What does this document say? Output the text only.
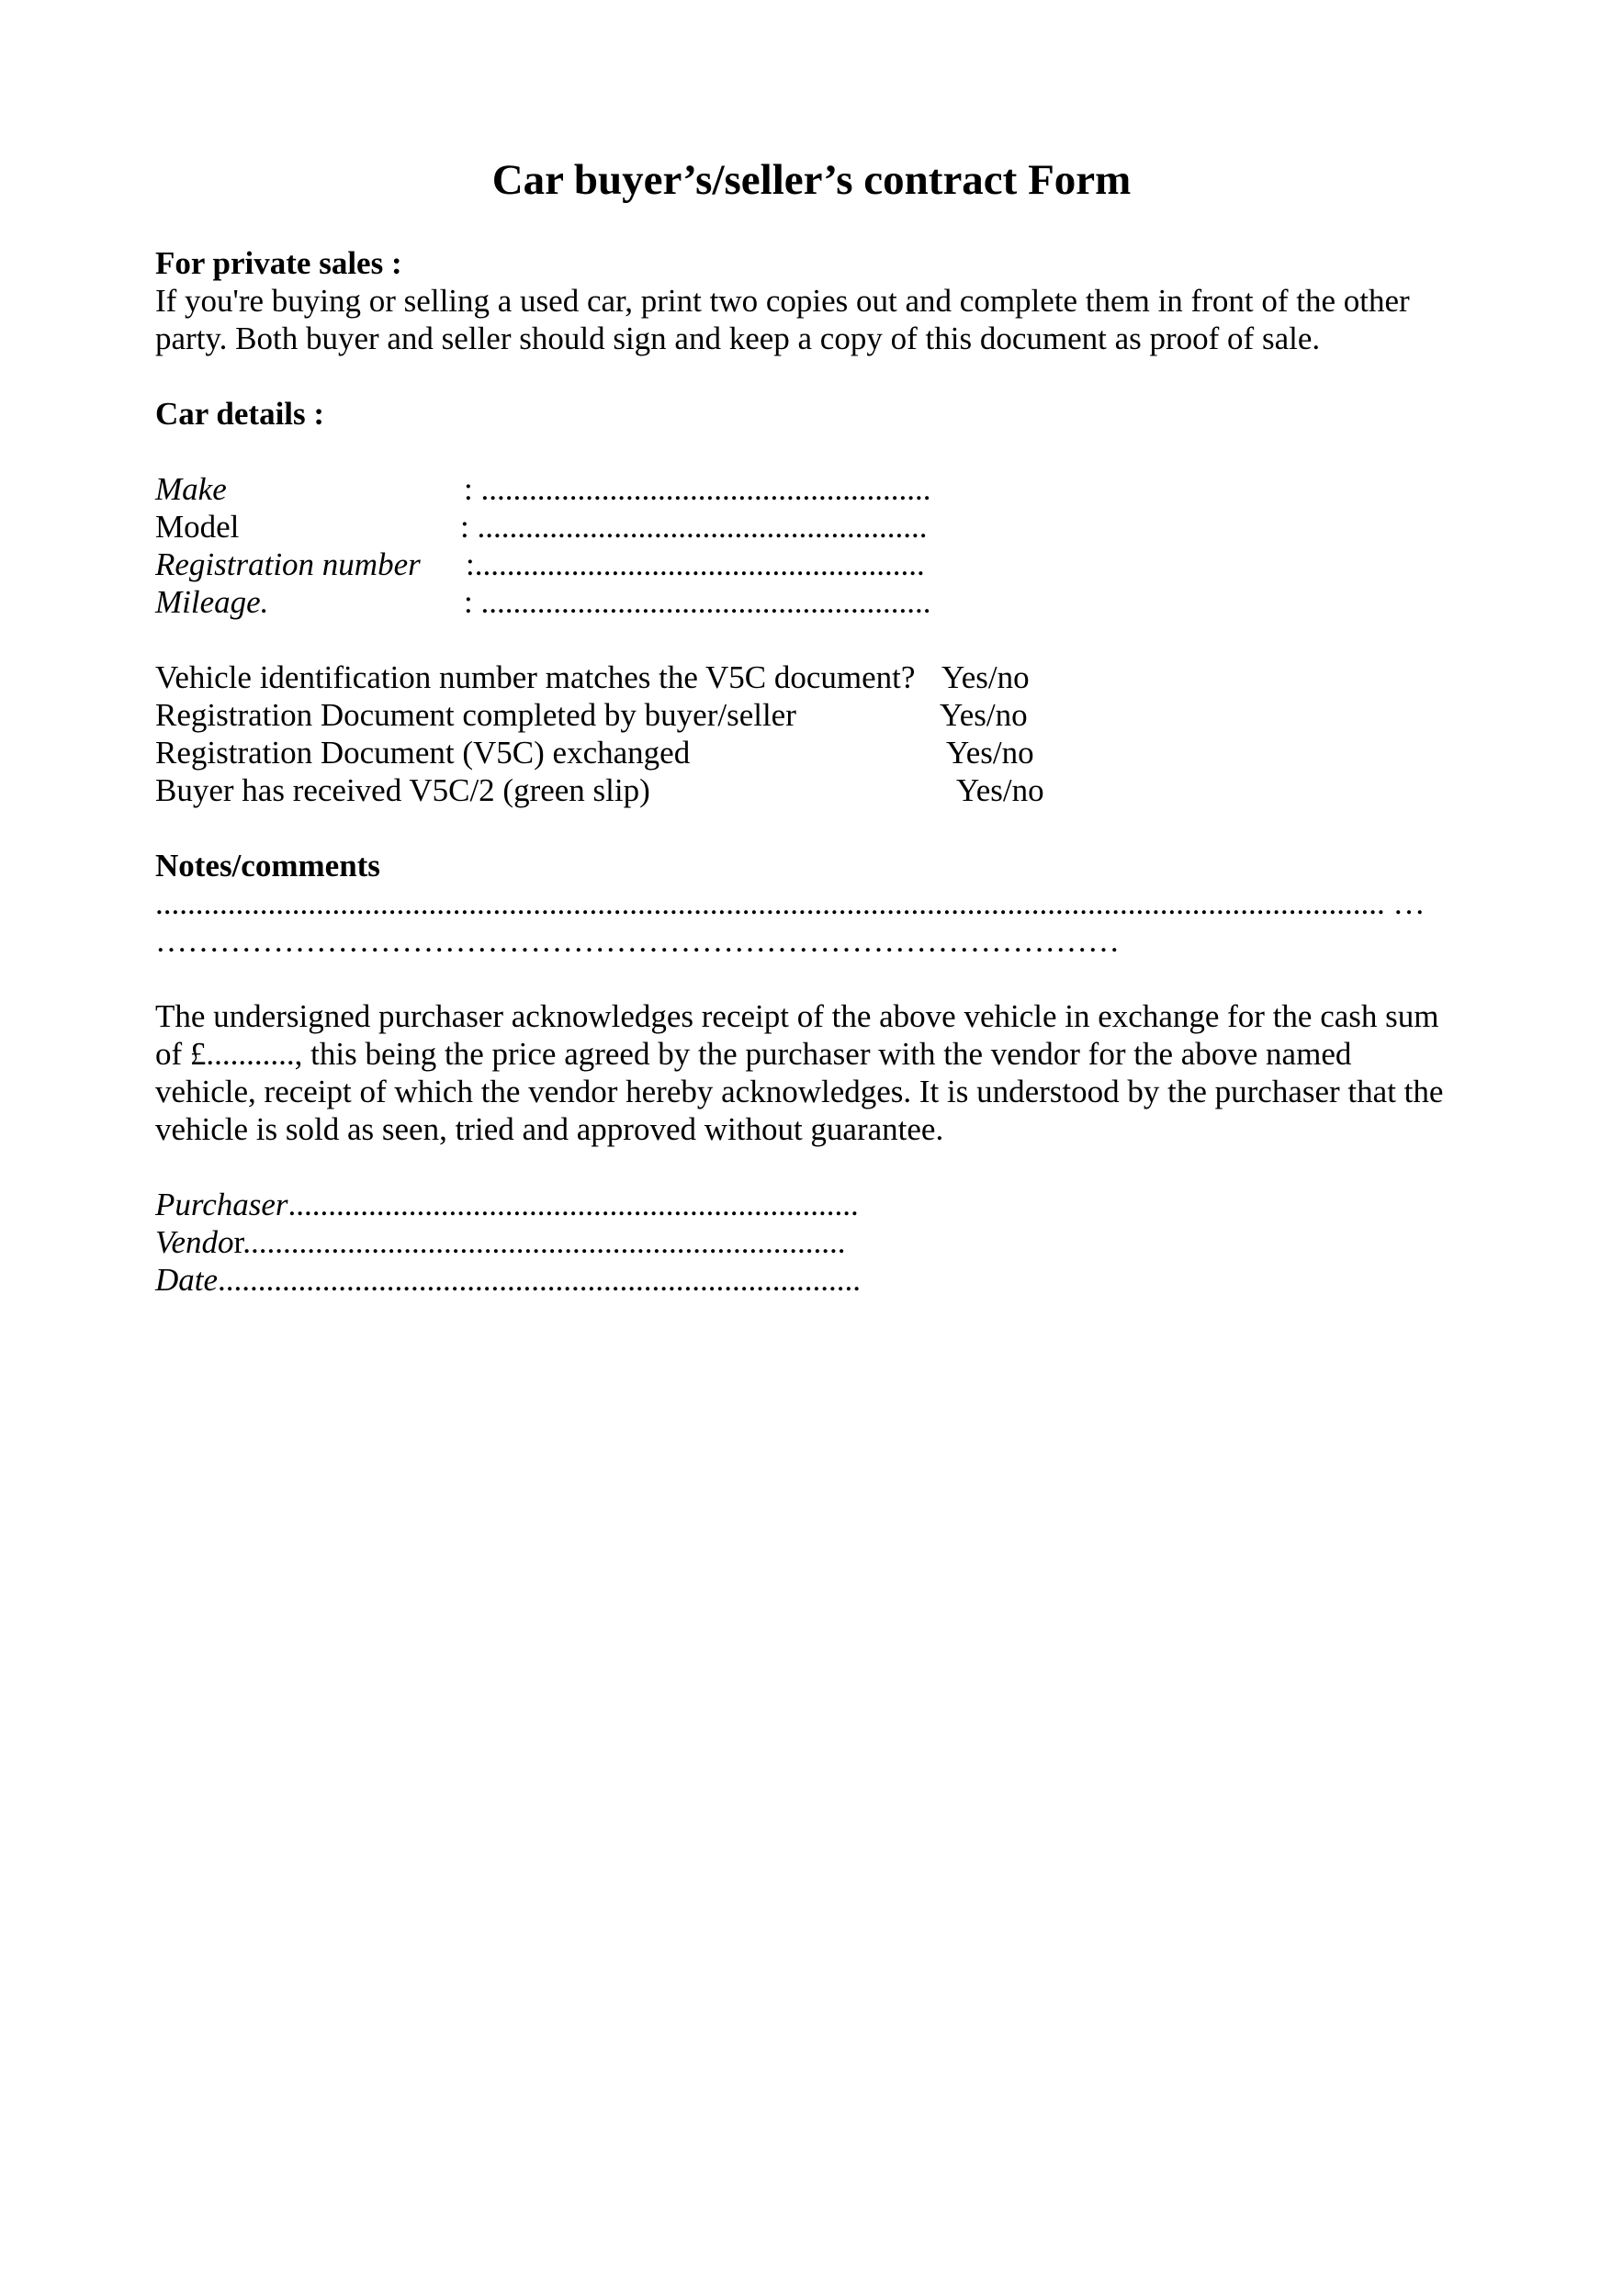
Car buyer’s/seller’s contract Form
For private sales :
If you're buying or selling a used car, print two copies out and complete them in front of the other
party. Both buyer and seller should sign and keep a copy of this document as proof of sale.
Car details :
Make	: ........................................................
Model	: ........................................................
Registration number :........................................................
Mileage.	: ........................................................
Vehicle identification number matches the V5C document? Yes/no
Registration Document completed by buyer/seller	Yes/no
Registration Document (V5C) exchanged	Yes/no
Buyer has received V5C/2 (green slip)	Yes/no
Notes/comments
......................................................................................................................................................... …
………………………………………………………………………………
The undersigned purchaser acknowledges receipt of the above vehicle in exchange for the cash sum
of £..........., this being the price agreed by the purchaser with the vendor for the above named
vehicle, receipt of which the vendor hereby acknowledges. It is understood by the purchaser that the
vehicle is sold as seen, tried and approved without guarantee.
Purchaser.......................................................................
Vendor...........................................................................
Date................................................................................
